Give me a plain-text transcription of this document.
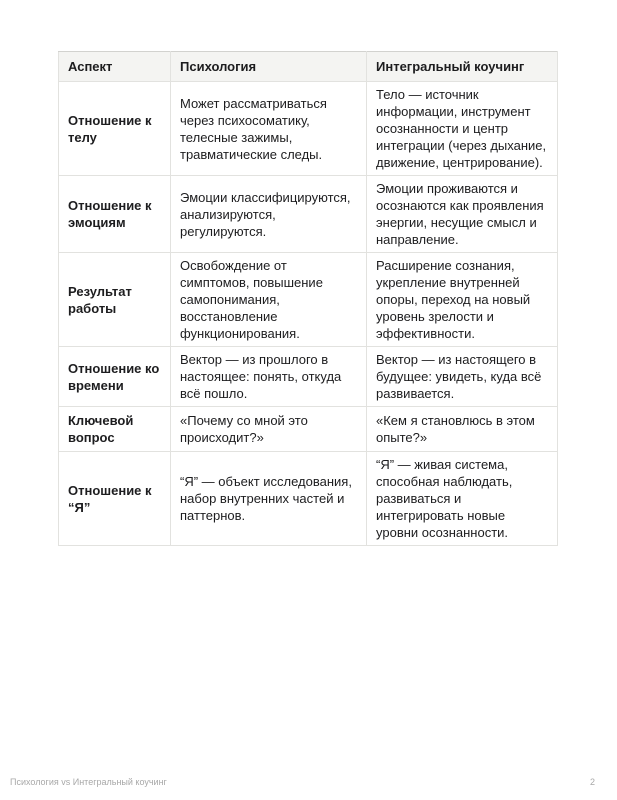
Аспект	Психология	Интегральный коучинг
Отношение к телу	Может рассматриваться через психосоматику, телесные зажимы, травматические следы.	Тело — источник информации, инструмент осознанности и центр интеграции (через дыхание, движение, центрирование).
Отношение к эмоциям	Эмоции классифицируются, анализируются, регулируются.	Эмоции проживаются и осознаются как проявления энергии, несущие смысл и направление.
Результат работы	Освобождение от симптомов, повышение самопонимания, восстановление функционирования.	Расширение сознания, укрепление внутренней опоры, переход на новый уровень зрелости и эффективности.
Отношение ко времени	Вектор — из прошлого в настоящее: понять, откуда всё пошло.	Вектор — из настоящего в будущее: увидеть, куда всё развивается.
Ключевой вопрос	«Почему со мной это происходит?»	«Кем я становлюсь в этом опыте?»
Отношение к “Я”	“Я” — объект исследования, набор внутренних частей и паттернов.	“Я” — живая система, способная наблюдать, развиваться и интегрировать новые уровни осознанности.
Психология vs Интегральный коучинг	2
